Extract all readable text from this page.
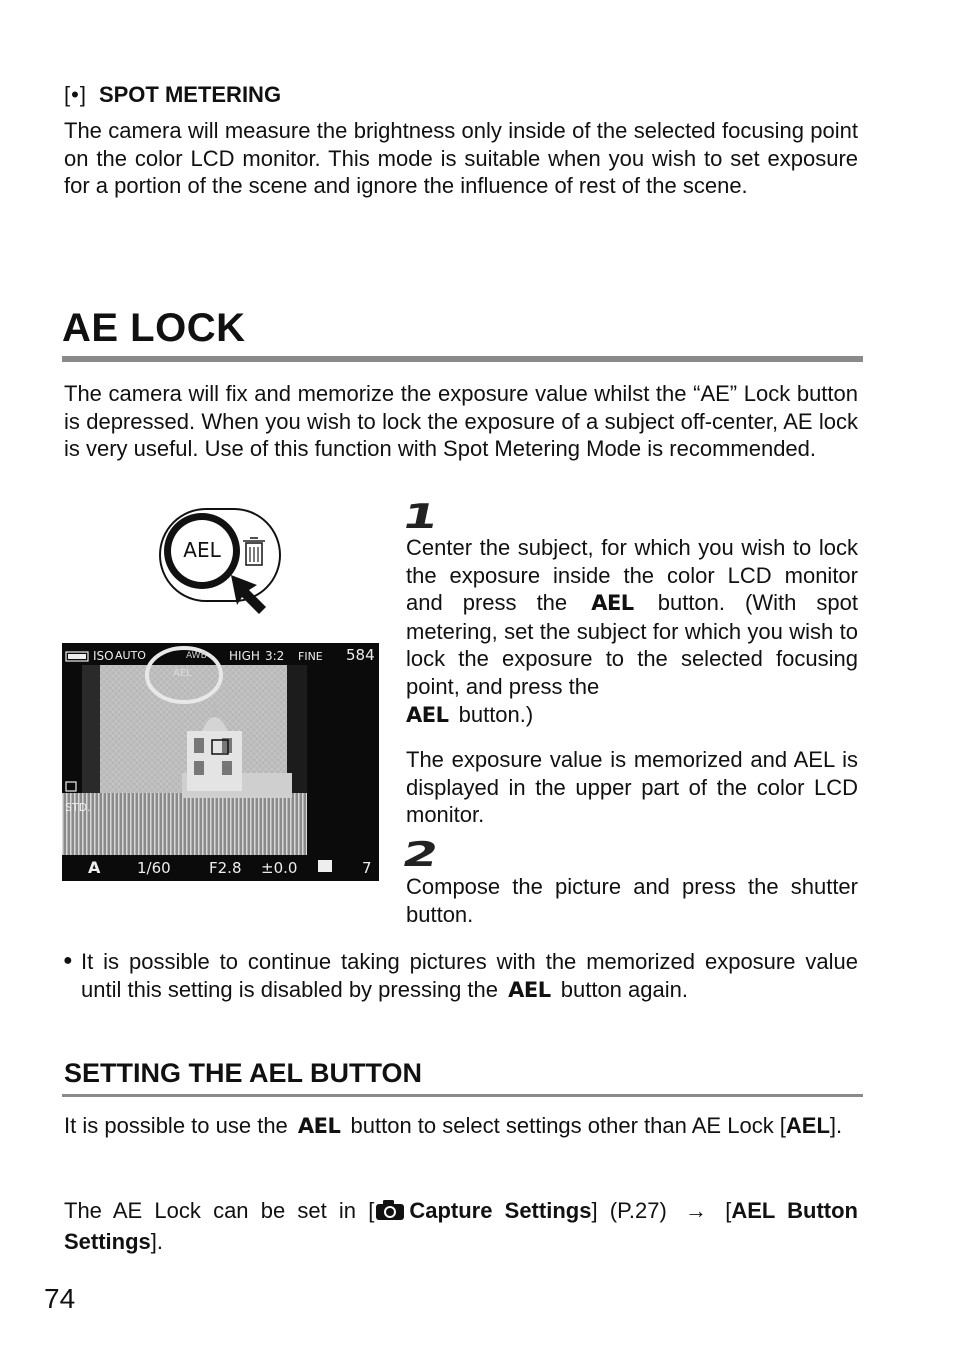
[•] SPOT METERING
The camera will measure the brightness only inside of the selected focusing point on the color LCD monitor. This mode is suitable when you wish to set exposure for a portion of the scene and ignore the influence of rest of the scene.
AE LOCK
The camera will fix and memorize the exposure value whilst the “AE” Lock button is depressed. When you wish to lock the exposure of a subject off-center, AE lock is very useful. Use of this function with Spot Metering Mode is recommended.
AEL
ISO AUTO	AWB HIGH 3:2 FINE 584
AEL
STD.
A 1/60	F2.8 ±0.0	7
1
Center the subject, for which you wish to lock the exposure inside the color LCD monitor and press the AEL button. (With spot metering, set the subject for which you wish to lock the exposure to the selected focusing point, and press the
AEL button.)
The exposure value is memorized and AEL is displayed in the upper part of the color LCD monitor.
2
Compose the picture and press the shutter button.
● It is possible to continue taking pictures with the memorized exposure value until this setting is disabled by pressing the AEL button again.
SETTING THE AEL BUTTON
It is possible to use the AEL button to select settings other than AE Lock [AEL].
The AE Lock can be set in [ Capture Settings] (P.27) → [AEL Button Settings].
74
